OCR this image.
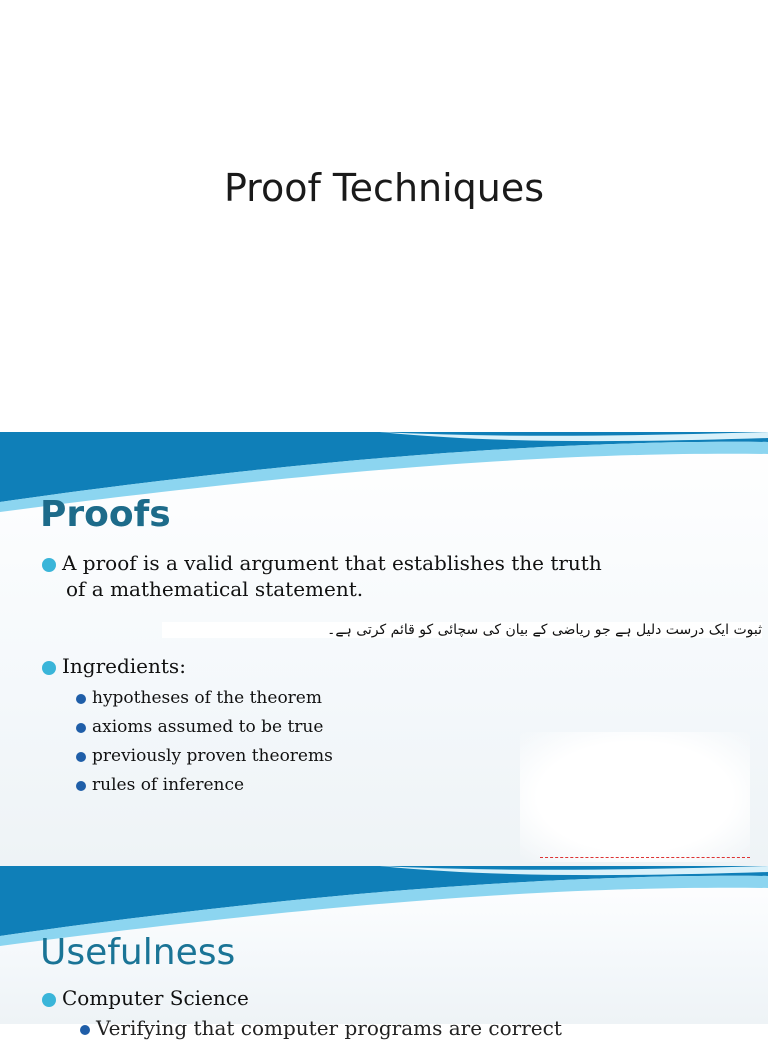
Proof Techniques
Proofs
A proof is a valid argument that establishes the truth
of a mathematical statement.
ثبوت ایک درست دلیل ہے جو ریاضی کے بیان کی سچائی کو قائم کرتی ہے۔
Ingredients:
hypotheses of the theorem
axioms assumed to be true
previously proven theorems
rules of inference
Usefulness
Computer Science
Verifying that computer programs are correct
